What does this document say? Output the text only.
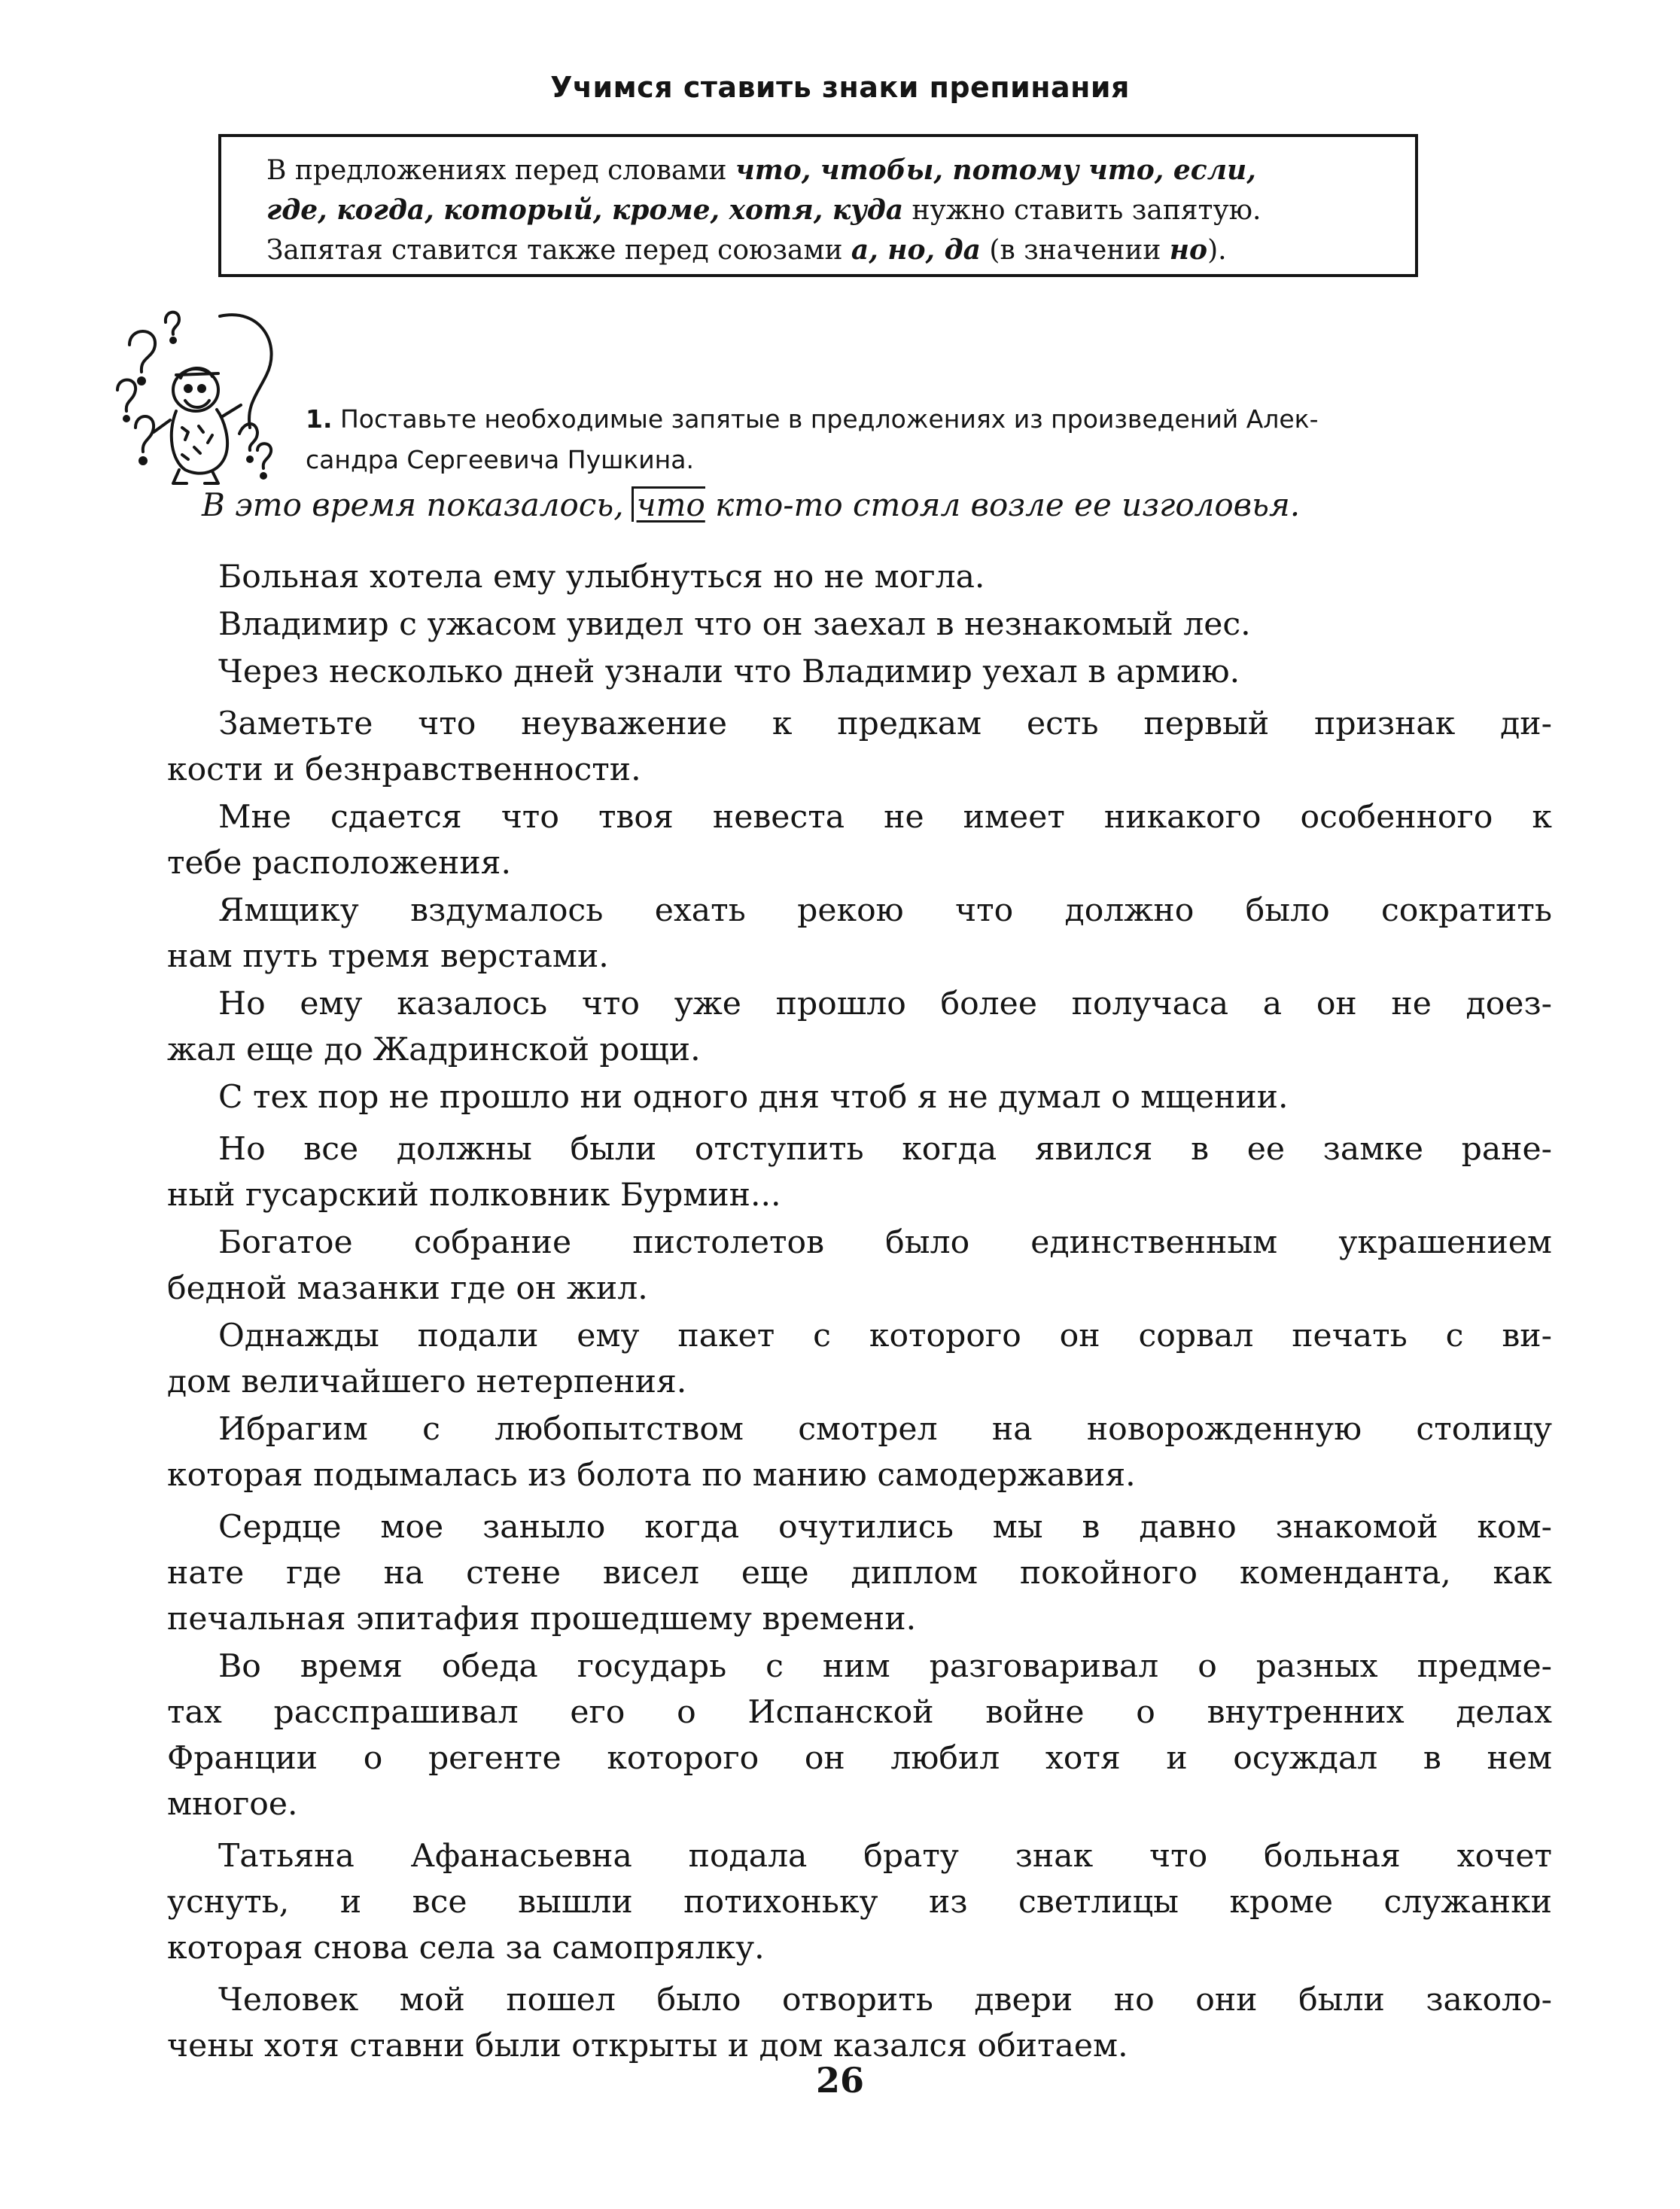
Учимся ставить знаки препинания
В предложениях перед словами что, чтобы, потому что, если,
где, когда, который, кроме, хотя, куда нужно ставить запятую.
Запятая ставится также перед союзами а, но, да (в значении но).
1. Поставьте необходимые запятые в предложениях из произведений Алек-
сандра Сергеевича Пушкина.
В это время показалось, что кто-то стоял возле ее изголовья.
Больная хотела ему улыбнуться но не могла.
Владимир с ужасом увидел что он заехал в незнакомый лес.
Через несколько дней узнали что Владимир уехал в армию.
Заметьте что неуважение к предкам есть первый признак ди-
кости и безнравственности.
Мне сдается что твоя невеста не имеет никакого особенного к
тебе расположения.
Ямщику вздумалось ехать рекою что должно было сократить
нам путь тремя верстами.
Но ему казалось что уже прошло более получаса а он не доез-
жал еще до Жадринской рощи.
С тех пор не прошло ни одного дня чтоб я не думал о мщении.
Но все должны были отступить когда явился в ее замке ране-
ный гусарский полковник Бурмин...
Богатое собрание пистолетов было единственным украшением
бедной мазанки где он жил.
Однажды подали ему пакет с которого он сорвал печать с ви-
дом величайшего нетерпения.
Ибрагим с любопытством смотрел на новорожденную столицу
которая подымалась из болота по манию самодержавия.
Сердце мое заныло когда очутились мы в давно знакомой ком-
нате где на стене висел еще диплом покойного коменданта, как
печальная эпитафия прошедшему времени.
Во время обеда государь с ним разговаривал о разных предме-
тах расспрашивал его о Испанской войне о внутренних делах
Франции о регенте которого он любил хотя и осуждал в нем
многое.
Татьяна Афанасьевна подала брату знак что больная хочет
уснуть, и все вышли потихоньку из светлицы кроме служанки
которая снова села за самопрялку.
Человек мой пошел было отворить двери но они были заколо-
чены хотя ставни были открыты и дом казался обитаем.
26
